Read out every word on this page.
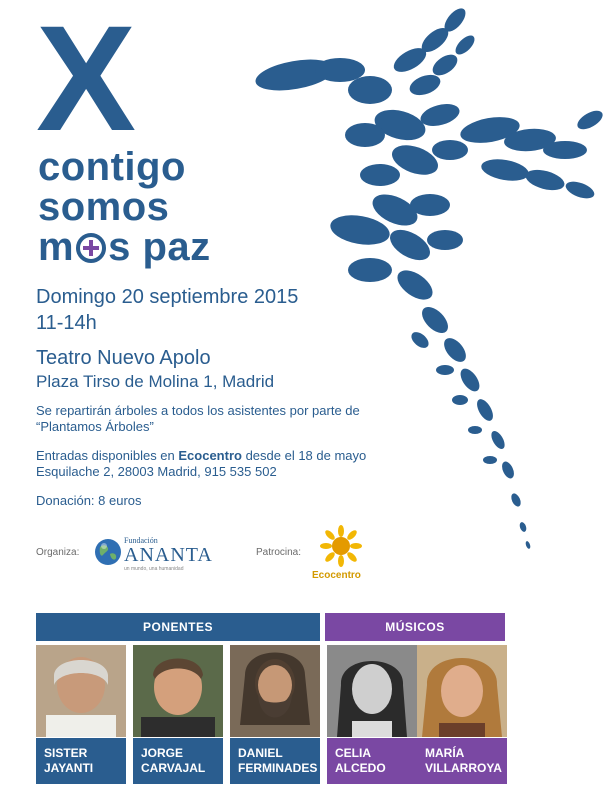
X
contigo
somos
m s paz
Domingo 20 septiembre 2015
11-14h
Teatro Nuevo Apolo
Plaza Tirso de Molina 1, Madrid
Se repartirán árboles a todos los asistentes por parte de “Plantamos Árboles”
Entradas disponibles en Ecocentro desde el 18 de mayo
Esquilache 2, 28003 Madrid, 915 535 502
Donación: 8 euros
Organiza:
Fundación
ANANTA
un mundo, una humanidad
Patrocina:
Ecocentro
PONENTES	MÚSICOS
SISTER
JAYANTI
JORGE
CARVAJAL
DANIEL
FERMINADES
CELIA
ALCEDO
MARÍA
VILLARROYA
